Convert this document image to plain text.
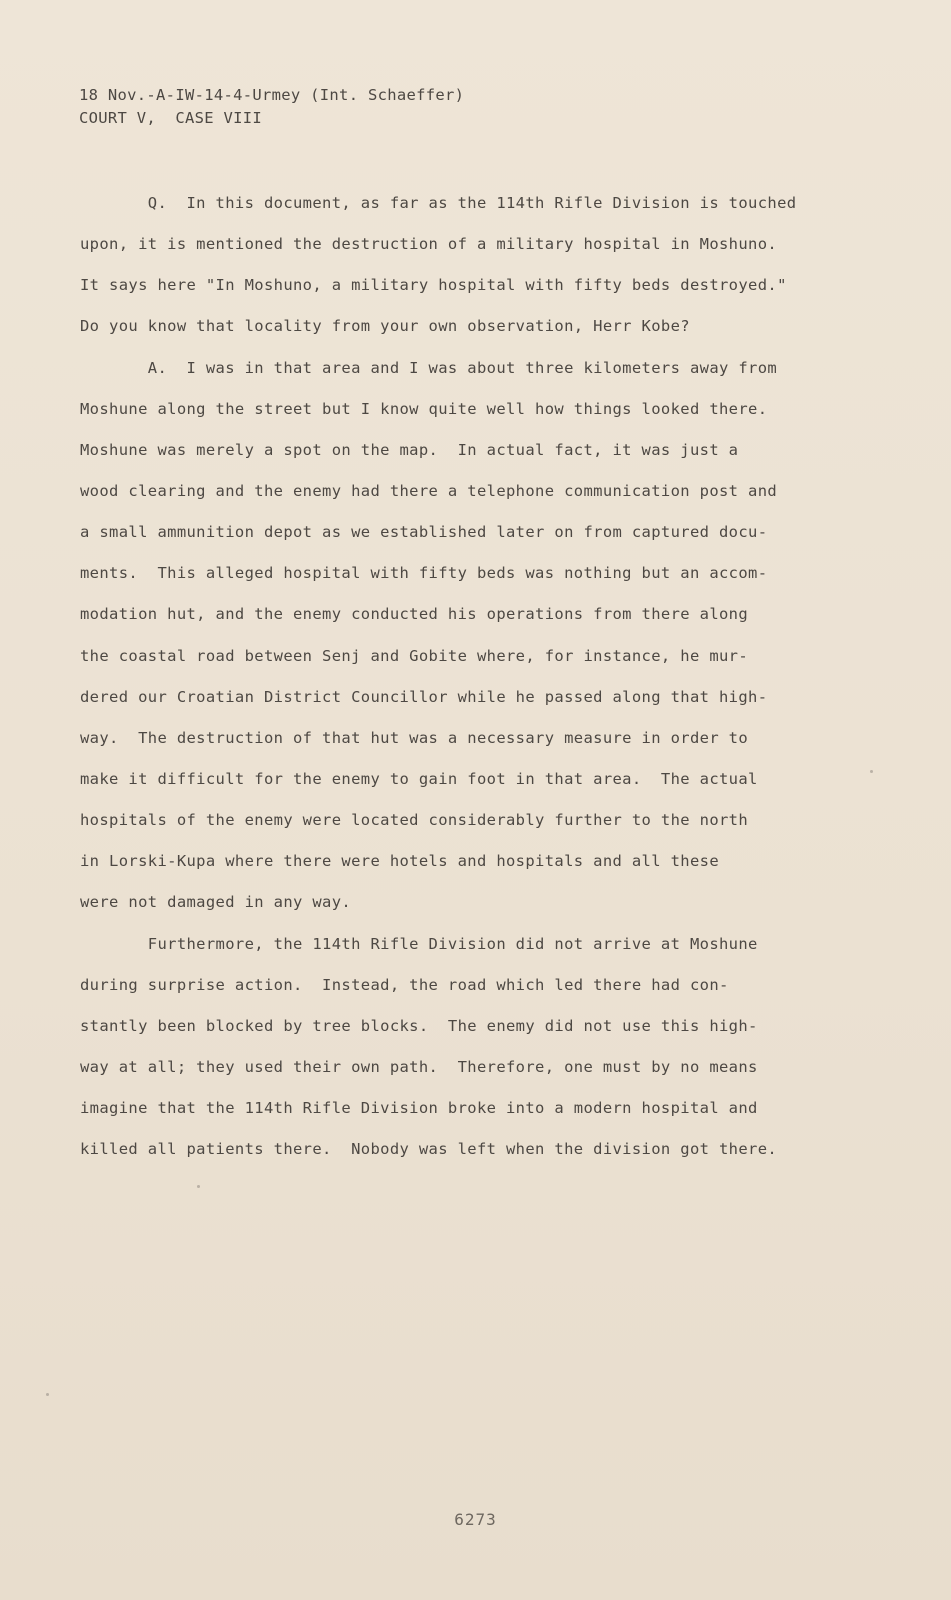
18 Nov.-A-IW-14-4-Urmey (Int. Schaeffer)
COURT V,  CASE VIII
Q.  In this document, as far as the 114th Rifle Division is touched
upon, it is mentioned the destruction of a military hospital in Moshuno.
It says here "In Moshuno, a military hospital with fifty beds destroyed."
Do you know that locality from your own observation, Herr Kobe?
A.  I was in that area and I was about three kilometers away from
Moshune along the street but I know quite well how things looked there.
Moshune was merely a spot on the map.  In actual fact, it was just a
wood clearing and the enemy had there a telephone communication post and
a small ammunition depot as we established later on from captured docu-
ments.  This alleged hospital with fifty beds was nothing but an accom-
modation hut, and the enemy conducted his operations from there along
the coastal road between Senj and Gobite where, for instance, he mur-
dered our Croatian District Councillor while he passed along that high-
way.  The destruction of that hut was a necessary measure in order to
make it difficult for the enemy to gain foot in that area.  The actual
hospitals of the enemy were located considerably further to the north
in Lorski-Kupa where there were hotels and hospitals and all these
were not damaged in any way.
Furthermore, the 114th Rifle Division did not arrive at Moshune
during surprise action.  Instead, the road which led there had con-
stantly been blocked by tree blocks.  The enemy did not use this high-
way at all; they used their own path.  Therefore, one must by no means
imagine that the 114th Rifle Division broke into a modern hospital and
killed all patients there.  Nobody was left when the division got there.
6273
